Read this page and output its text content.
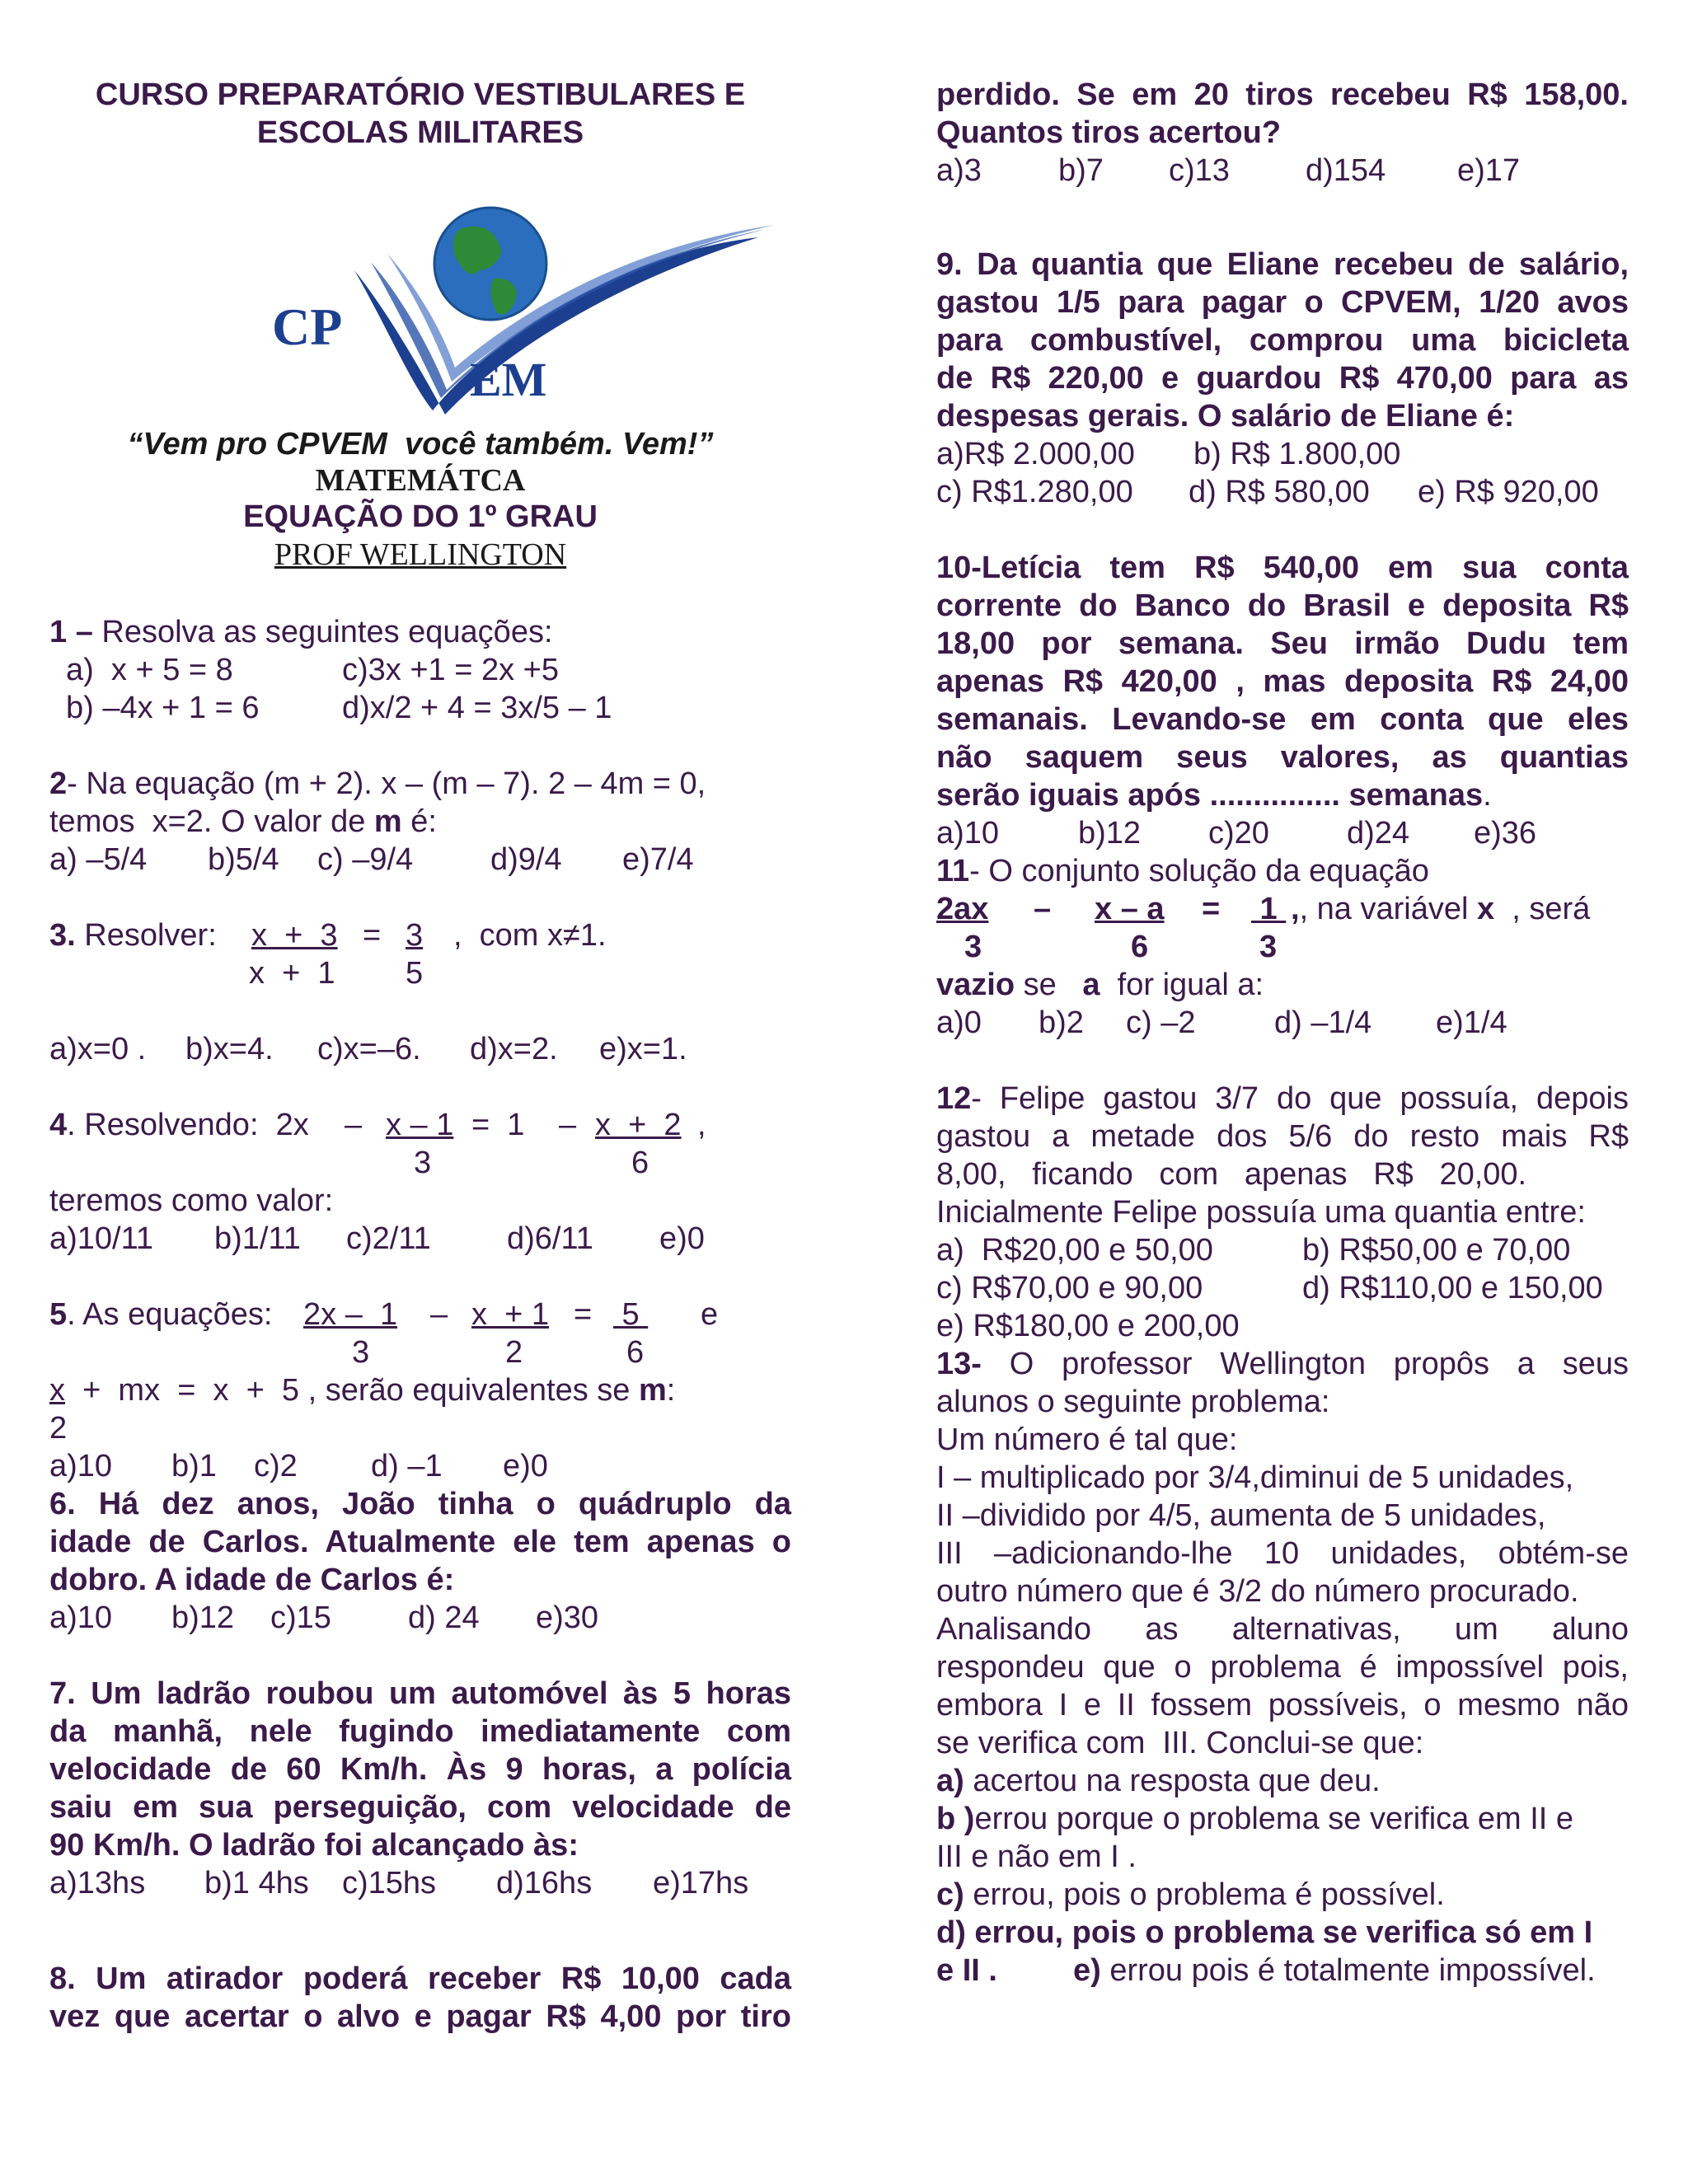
CURSO PREPARATÓRIO VESTIBULARES E
ESCOLAS MILITARES
CP
EM
“Vem pro CPVEM  você também. Vem!”
MATEMÁTCA
EQUAÇÃO DO 1º GRAU
PROF WELLINGTON
1 – Resolva as seguintes equações:
a)  x + 5 = 8	c)3x +1 = 2x +5
b) –4x + 1 = 6	d)x/2 + 4 = 3x/5 – 1
2- Na equação (m + 2). x – (m – 7). 2 – 4m = 0,
temos  x=2. O valor de m é:
a) –5/4 b)5/4 c) –9/4 d)9/4 e)7/4
3. Resolver: x  +  3 = 3 ,  com x≠1.
x  +  1 5
a)x=0 . b)x=4. c)x=–6. d)x=2. e)x=1.
4. Resolvendo:  2x – x – 1 =  1 – x  +  2 ,
3	6
teremos como valor:
a)10/11 b)1/11 c)2/11 d)6/11 e)0
5. As equações: 2x –  1 – x  + 1 = 5 e
3	2	6
x  +  mx  =  x  +  5 , serão equivalentes se m:
2
a)10 b)1 c)2 d) –1 e)0
6. Há dez anos, João tinha o quádruplo da
idade de Carlos. Atualmente ele tem apenas o
dobro. A idade de Carlos é:
a)10 b)12 c)15 d) 24 e)30
7. Um ladrão roubou um automóvel às 5 horas
da manhã, nele fugindo imediatamente com
velocidade de 60 Km/h. Às 9 horas, a polícia
saiu em sua perseguição, com velocidade de
90 Km/h. O ladrão foi alcançado às:
a)13hs b)1 4hs c)15hs d)16hs e)17hs
8. Um atirador poderá receber R$ 10,00 cada
vez que acertar o alvo e pagar R$ 4,00 por tiro
perdido. Se em 20 tiros recebeu R$ 158,00.
Quantos tiros acertou?
a)3 b)7 c)13 d)154 e)17
9. Da quantia que Eliane recebeu de salário,
gastou 1/5 para pagar o CPVEM, 1/20 avos
para combustível, comprou uma bicicleta
de R$ 220,00 e guardou R$ 470,00 para as
despesas gerais. O salário de Eliane é:
a)R$ 2.000,00 b) R$ 1.800,00
c) R$1.280,00 d) R$ 580,00 e) R$ 920,00
10-Letícia tem R$ 540,00 em sua conta
corrente do Banco do Brasil e deposita R$
18,00 por semana. Seu irmão Dudu tem
apenas R$ 420,00 , mas deposita R$ 24,00
semanais. Levando-se em conta que eles
não saquem seus valores, as quantias
serão iguais após ............... semanas.
a)10	b)12 c)20 d)24 e)36
11- O conjunto solução da equação
2ax – x – a = 1 ,, na variável x  , será
3	6	3
vazio se   a  for igual a:
a)0 b)2 c) –2	d) –1/4 e)1/4
12- Felipe gastou 3/7 do que possuía, depois
gastou a metade dos 5/6 do resto mais R$
8,00,   ficando   com   apenas   R$   20,00.
Inicialmente Felipe possuía uma quantia entre:
a)  R$20,00 e 50,00	b) R$50,00 e 70,00
c) R$70,00 e 90,00	d) R$110,00 e 150,00
e) R$180,00 e 200,00
13- O professor Wellington propôs a seus
alunos o seguinte problema:
Um número é tal que:
I – multiplicado por 3/4,diminui de 5 unidades,
II –dividido por 4/5, aumenta de 5 unidades,
III –adicionando-lhe 10 unidades, obtém-se
outro número que é 3/2 do número procurado.
Analisando as alternativas, um aluno
respondeu que o problema é impossível pois,
embora I e II fossem possíveis, o mesmo não
se verifica com  III. Conclui-se que:
a) acertou na resposta que deu.
b )errou porque o problema se verifica em II e
III e não em I .
c) errou, pois o problema é possível.
d) errou, pois o problema se verifica só em I
e II . e) errou pois é totalmente impossível.
